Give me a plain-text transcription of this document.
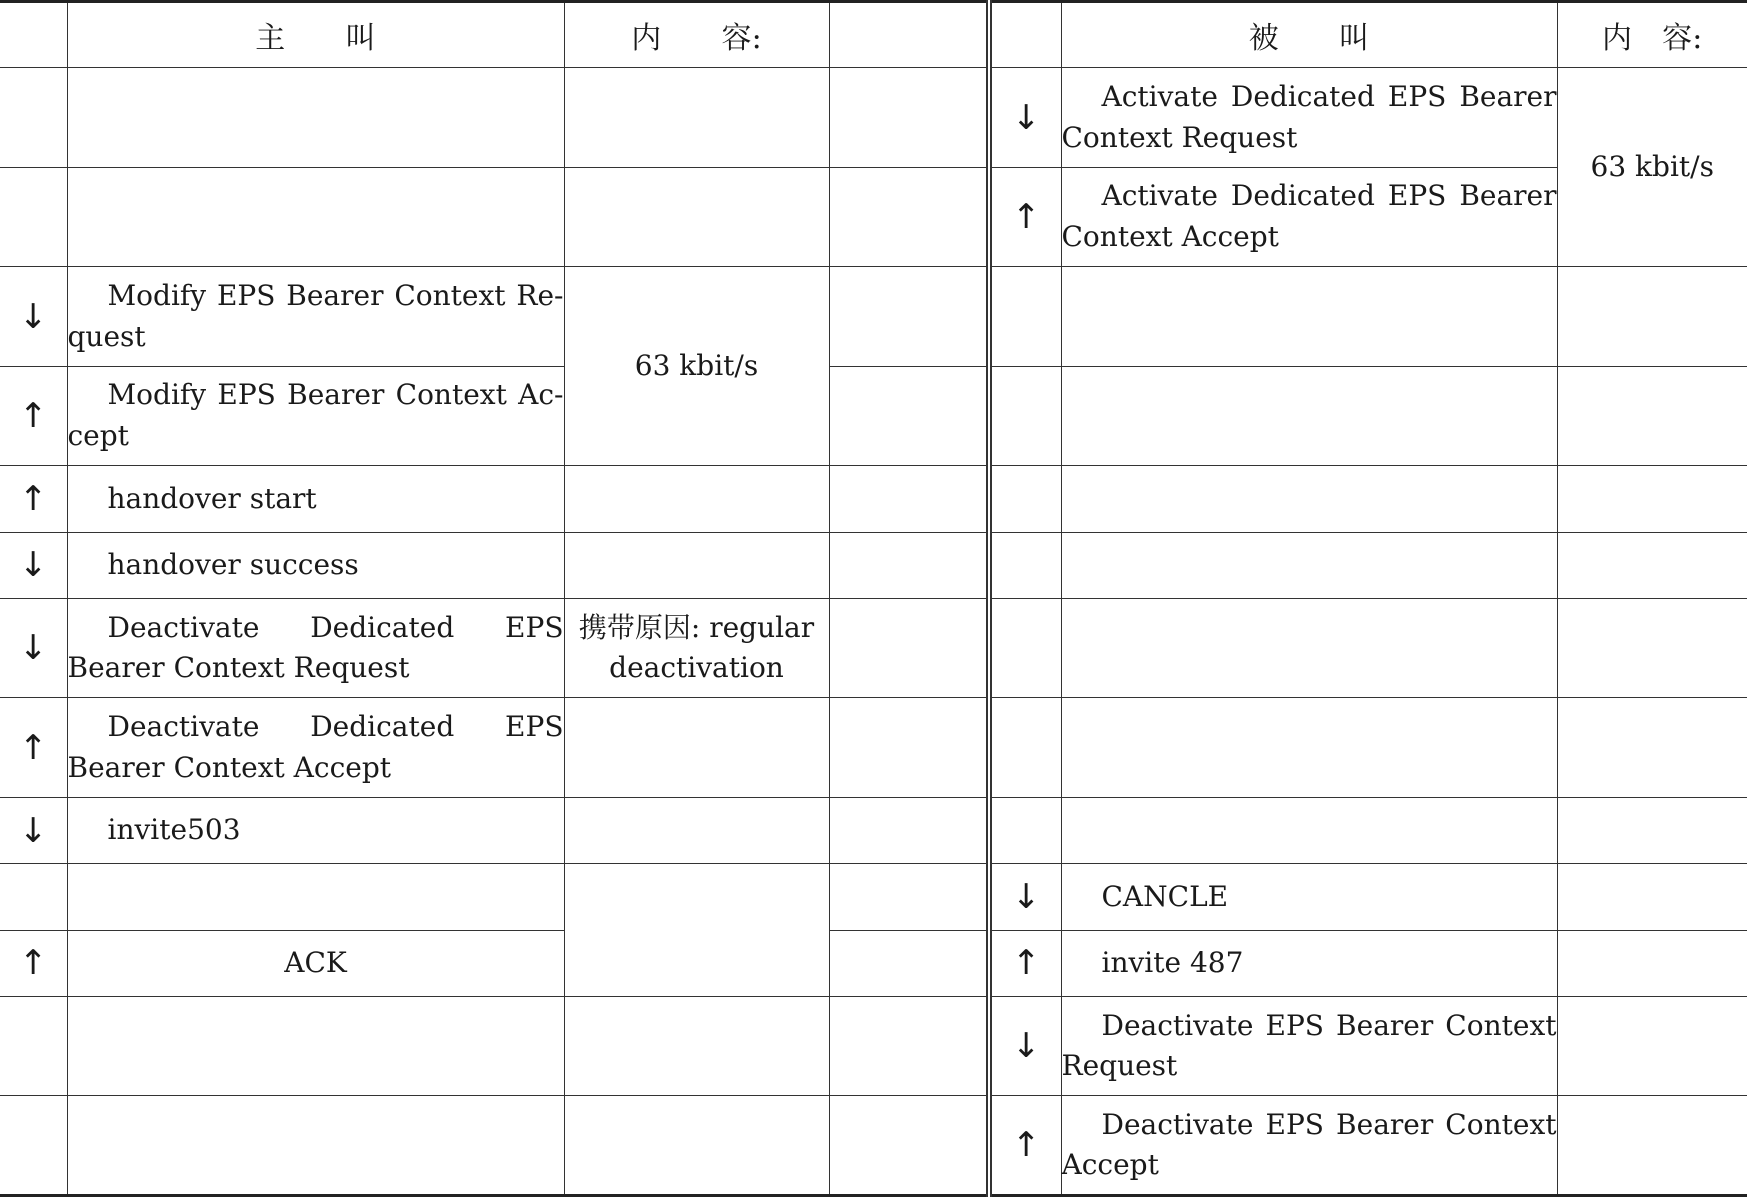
	主　　叫	内　　容:			被　　叫	内　容:
				↓	Activate Dedicated EPS Bearer Context Request	63 kbit/s
				↑	Activate Dedicated EPS Bearer Context Accept	
↓	Modify EPS Bearer Context Re-quest	63 kbit/s				
↑	Modify EPS Bearer Context Ac-cept					
↑	handover start					
↓	handover success					
↓	Deactivate Dedicated EPS Bearer Context Request	携带原因: regular deactivation				
↑	Deactivate Dedicated EPS Bearer Context Accept					
↓	invite503					
				↓	CANCLE	
↑	ACK			↑	invite 487	
				↓	Deactivate EPS Bearer Context Request	
				↑	Deactivate EPS Bearer Context Accept	
